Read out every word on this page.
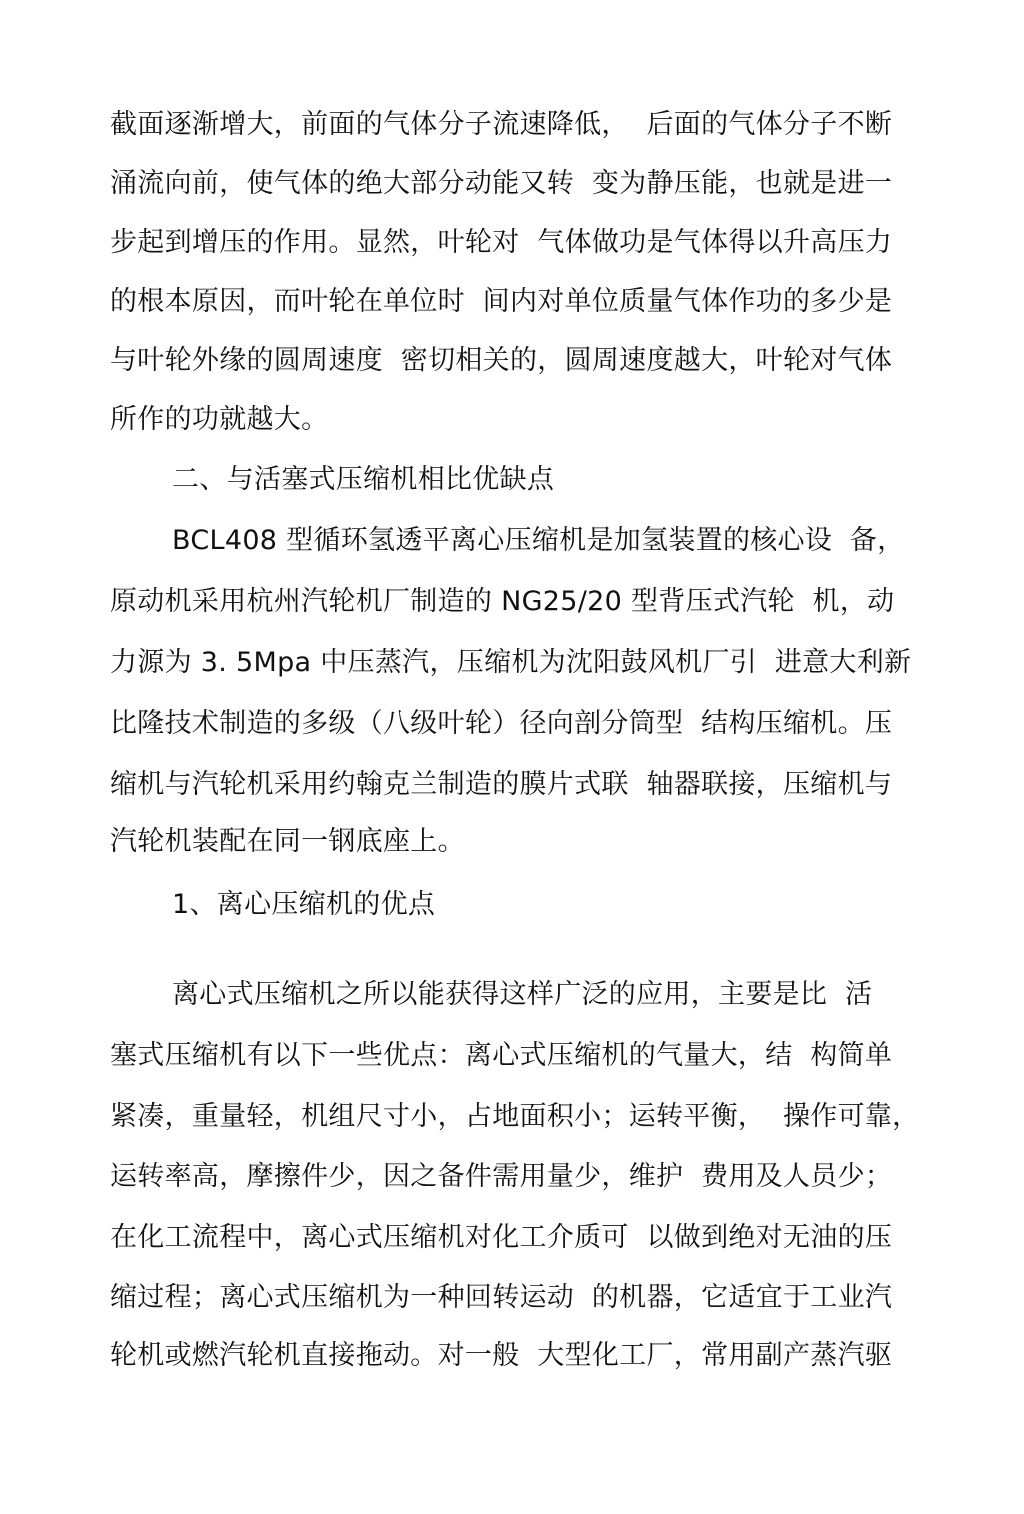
截面逐渐增大，前面的气体分子流速降低，  后面的气体分子不断
涌流向前，使气体的绝大部分动能又转  变为静压能，也就是进一
步起到增压的作用。显然，叶轮对  气体做功是气体得以升高压力
的根本原因，而叶轮在单位时  间内对单位质量气体作功的多少是
与叶轮外缘的圆周速度  密切相关的，圆周速度越大，叶轮对气体
所作的功就越大。
二、与活塞式压缩机相比优缺点
BCL408 型循环氢透平离心压缩机是加氢装置的核心设  备，
原动机采用杭州汽轮机厂制造的 NG25/20 型背压式汽轮  机，动
力源为 3. 5Mpa 中压蒸汽，压缩机为沈阳鼓风机厂引  进意大利新
比隆技术制造的多级（八级叶轮）径向剖分筒型  结构压缩机。压
缩机与汽轮机采用约翰克兰制造的膜片式联  轴器联接，压缩机与
汽轮机装配在同一钢底座上。
1、离心压缩机的优点
离心式压缩机之所以能获得这样广泛的应用，主要是比  活
塞式压缩机有以下一些优点：离心式压缩机的气量大，结  构简单
紧凑，重量轻，机组尺寸小，占地面积小；运转平衡，  操作可靠，
运转率高，摩擦件少，因之备件需用量少，维护  费用及人员少；
在化工流程中，离心式压缩机对化工介质可  以做到绝对无油的压
缩过程；离心式压缩机为一种回转运动  的机器，它适宜于工业汽
轮机或燃汽轮机直接拖动。对一般  大型化工厂，常用副产蒸汽驱
